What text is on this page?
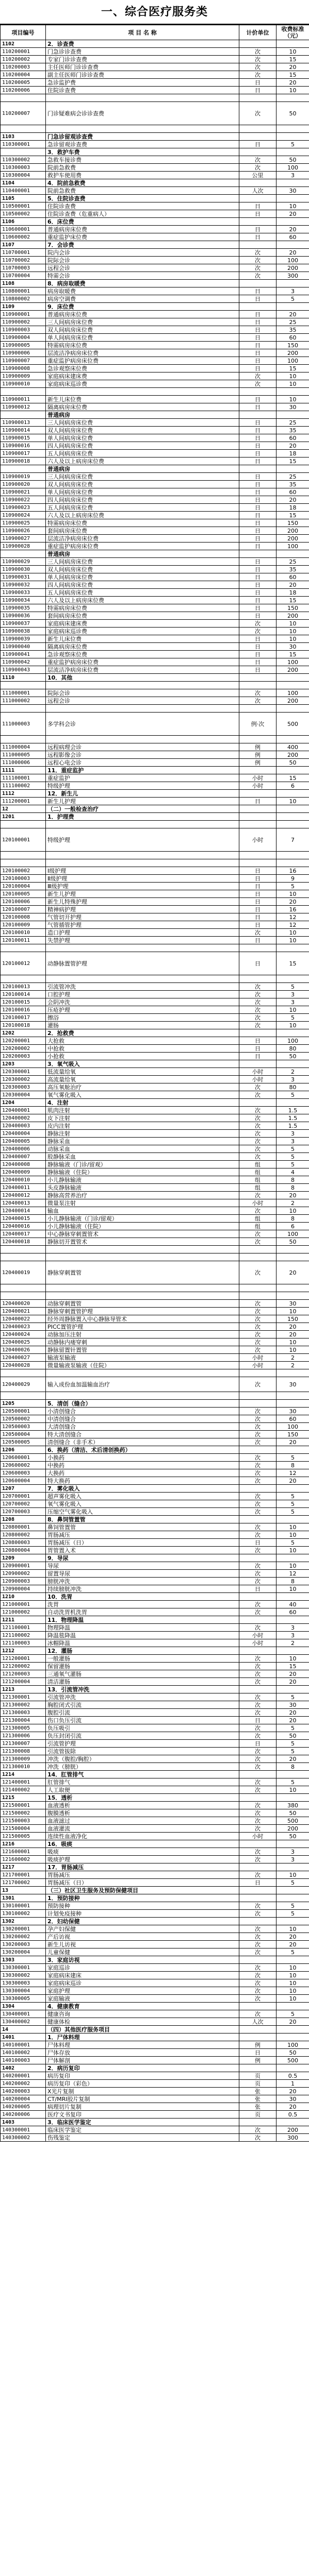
一、综合医疗服务类
项目编号	项 目 名 称	计价单位	收费标准（元）
1102	2．诊查费		
110200001	门急诊诊查费	次	10
110200002	专家门诊诊查费	次	15
110200003	主任医师门诊诊查费	次	20
110200004	副主任医师门诊诊查费	次	15
110200005	急诊监护费	日	20
110200006	住院诊查费	日	10

110200007	门诊疑难病会诊诊查费	次	50

1103	门急诊留观诊查费		
110300001	急诊留观诊查费	日	5
	3．救护车费		
110300002	急救车接诊费	次	50
110300003	院前急救费	次	100
110300004	救护车使用费	公里	3
1104	4．院前急救费		
110400001	院前急救费	人次	30
1105	5．住院诊查费		
110500001	住院诊查费	日	10
110500002	住院诊查费（危重病人）	日	20
1106	6．床位费		
110600001	普通病房床位费	日	20
110600002	重症监护床位费	日	60
1107	7．会诊费		
110700001	院内会诊	次	20
110700002	院际会诊	次	100
110700003	远程会诊	次	200
110700004	特需会诊	次	300
1108	8．病房取暖费		
110800001	病房取暖费	日	3
110800002	病房空调费	日	5
1109	9．床位费		
110900001	普通病房床位费	日	20
110900002	三人间病房床位费	日	25
110900003	双人间病房床位费	日	35
110900004	单人间病房床位费	日	60
110900005	特需病房床位费	日	150
110900006	层流洁净病房床位费	日	200
110900007	重症监护病房床位费	日	100
110900008	急诊观察床位费	日	15
110900009	家庭病床建床费	次	10
110900010	家庭病床巡诊费	次	10

110900011	新生儿床位费	日	10
110900012	隔离病房床位费	日	30
	普通病房		
110900013	三人间病房床位费	日	25
110900014	双人间病房床位费	日	35
110900015	单人间病房床位费	日	60
110900016	四人间病房床位费	日	20
110900017	五人间病房床位费	日	18
110900018	六人及以上病房床位费	日	15
	普通病房		
110900019	三人间病房床位费	日	25
110900020	双人间病房床位费	日	35
110900021	单人间病房床位费	日	60
110900022	四人间病房床位费	日	20
110900023	五人间病房床位费	日	18
110900024	六人及以上病房床位费	日	15
110900025	特需病房床位费	日	150
110900026	套间病房床位费	日	200
110900027	层流洁净病房床位费	日	200
110900028	重症监护病房床位费	日	100
	普通病房		
110900029	三人间病房床位费	日	25
110900030	双人间病房床位费	日	35
110900031	单人间病房床位费	日	60
110900032	四人间病房床位费	日	20
110900033	五人间病房床位费	日	18
110900034	六人及以上病房床位费	日	15
110900035	特需病房床位费	日	150
110900036	套间病房床位费	日	200
110900037	家庭病床建床费	次	10
110900038	家庭病床巡诊费	次	10
110900039	新生儿床位费	日	10
110900040	隔离病房床位费	日	30
110900041	急诊观察床位费	日	15
110900042	重症监护病房床位费	日	100
110900043	层流洁净病房床位费	日	200
1110	10．其他		

111000001	院际会诊	次	100
111000002	远程会诊	次	200

111000003	多学科会诊	例·次	500

111000004	远程病理会诊	例	400
111000005	远程影像会诊	例	200
111000006	远程心电会诊	例	50
1111	11．重症监护		
111100001	重症监护	小时	15
111100002	特级护理	小时	6
1112	12．新生儿		
111200001	新生儿护理	日	10
12	（二）一般检查治疗		
1201	1．护理费		

120100001	特级护理	小时	7

120100002	Ⅰ级护理	日	16
120100003	Ⅱ级护理	日	9
120100004	Ⅲ级护理	日	5
120100005	新生儿护理	日	10
120100006	新生儿特殊护理	日	20
120100007	精神病护理	日	16
120100008	气管切开护理	日	12
120100009	气管插管护理	日	12
120100010	造口护理	次	10
120100011	失禁护理	日	10

120100012	动静脉置管护理	日	15

120100013	引流管冲洗	次	5
120100014	口腔护理	次	3
120100015	会阴冲洗	次	3
120100016	压疮护理	次	10
120100017	擦浴	次	5
120100018	灌肠	次	10
1202	2．抢救费		
120200001	大抢救	日	100
120200002	中抢救	日	80
120200003	小抢救	日	50
1203	3．氧气吸入		
120300001	低流量给氧	小时	2
120300002	高流量给氧	小时	3
120300003	高压氧舱治疗	次	80
120300004	氧气雾化吸入	次	5
1204	4．注射		
120400001	肌肉注射	次	1.5
120400002	皮下注射	次	1.5
120400003	皮内注射	次	1.5
120400004	静脉注射	次	3
120400005	静脉采血	次	3
120400006	动脉采血	次	5
120400007	股静脉采血	次	5
120400008	静脉输液（门诊/留观）	组	5
120400009	静脉输液（住院）	组	4
120400010	小儿静脉输液	组	8
120400011	头皮静脉输液	组	8
120400012	静脉高营养治疗	次	20
120400013	微量泵注射	小时	2
120400014	输血	次	10
120400015	小儿静脉输液（门诊/留观）	组	8
120400016	小儿静脉输液（住院）	组	6
120400017	中心静脉穿刺置管术	次	100
120400018	静脉切开置管术	次	50

120400019	静脉穿刺置管	次	20

120400020	动脉穿刺置管	次	30
120400021	静脉穿刺置管护理	次	10
120400022	经外周静脉置入中心静脉导管术	次	150
120400023	PICC置管护理	次	20
120400024	动脉加压注射	次	20
120400025	动静脉内瘘穿刺	次	10
120400026	静脉留置针置管	次	10
120400027	输液泵输液	小时	2
120400028	微量输液泵输液（住院）	小时	2

120400029	输入成份血加温输血治疗	次	30

1205	5．清创（缝合）		
120500001	小清创缝合	次	30
120500002	中清创缝合	次	60
120500003	大清创缝合	次	100
120500004	特大清创缝合	次	150
120500005	清创缝合（非手术）	次	20
1206	6．换药（清洁、术后清创换药）		
120600001	小换药	次	5
120600002	中换药	次	8
120600003	大换药	次	12
120600004	特大换药	次	20
1207	7．雾化吸入		
120700001	超声雾化吸入	次	5
120700002	氧气雾化吸入	次	5
120700003	压缩空气雾化吸入	次	5
1208	8．鼻饲管置管		
120800001	鼻饲管置管	次	10
120800002	胃肠减压	次	10
120800003	胃肠减压（日）	日	5
120800004	胃管置入术	次	10
1209	9．导尿		
120900001	导尿	次	10
120900002	留置导尿	次	12
120900003	膀胱冲洗	次	8
120900004	持续膀胱冲洗	日	10
1210	10．洗胃		
121000001	洗胃	次	40
121000002	自动洗胃机洗胃	次	60
1211	11．物理降温		
121100001	物理降温	次	3
121100002	降温毯降温	小时	3
121100003	冰帽降温	小时	2
1212	12．灌肠		
121200001	一般灌肠	次	10
121200002	保留灌肠	次	15
121200003	三通氧气灌肠	次	20
121200004	清洁灌肠	次	20
1213	13．引流管冲洗		
121300001	引流管冲洗	次	5
121300002	胸腔闭式引流	次	30
121300003	腹腔引流	次	20
121300004	伤口负压引流	日	20
121300005	负压吸引	次	5
121300006	负压封闭引流	次	50
121300007	引流管护理	日	5
121300008	引流管拔除	次	5
121300009	冲洗（腹腔/胸腔）	次	20
121300010	冲洗（膀胱）	次	8
1214	14．肛管排气		
121400001	肛管排气	次	5
121400002	人工取便	次	10
1215	15．透析		
121500001	血液透析	次	380
121500002	腹膜透析	次	50
121500003	血液滤过	次	500
121500004	血液灌流	次	200
121500005	连续性血液净化	小时	50
1216	16．吸痰		
121600001	吸痰	次	3
121600002	吸痰护理	次	3
1217	17．胃肠减压		
121700001	胃肠减压	次	10
121700002	胃肠减压（日）	日	5
13	（三）社区卫生服务及预防保健项目		
1301	1．预防接种		
130100001	预防接种	次	5
130100002	计划免疫接种	次	5
1302	2．妇幼保健		
130200001	孕产妇保健	次	10
130200002	产后访视	次	20
130200003	新生儿访视	次	20
130200004	儿童保健	次	5
1303	3．家庭访视		
130300001	家庭巡诊	次	10
130300002	家庭病床建床	次	10
130300003	家庭病床巡诊	次	10
130300004	家庭护理	次	10
130300005	家庭输液	次	10
1304	4．健康教育		
130400001	健康咨询	次	5
130400002	健康体检	人次	20
14	（四）其他医疗服务项目		
1401	1．尸体料理		
140100001	尸体料理	例	100
140100002	尸体存放	日	50
140100003	尸体解剖	例	500
1402	2．病历复印		
140200001	病历复印	页	0.5
140200002	病历复印（彩色）	页	1
140200003	X光片复制	张	20
140200004	CT/MRI胶片复制	张	30
140200005	病理切片复制	张	20
140200006	医疗文书复印	页	0.5
1403	3．临床医学鉴定		
140300001	临床医学鉴定	次	200
140300002	伤残鉴定	次	300
